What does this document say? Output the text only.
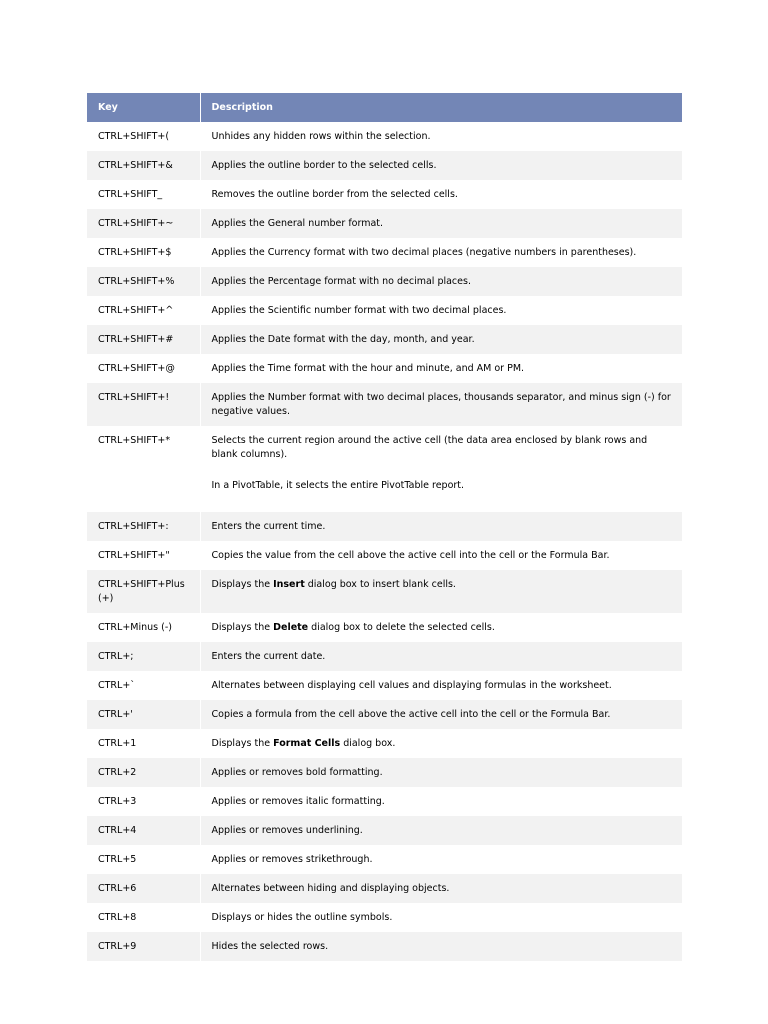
Key	Description
CTRL+SHIFT+(	Unhides any hidden rows within the selection.
CTRL+SHIFT+&	Applies the outline border to the selected cells.
CTRL+SHIFT_	Removes the outline border from the selected cells.
CTRL+SHIFT+~	Applies the General number format.
CTRL+SHIFT+$	Applies the Currency format with two decimal places (negative numbers in parentheses).
CTRL+SHIFT+%	Applies the Percentage format with no decimal places.
CTRL+SHIFT+^	Applies the Scientific number format with two decimal places.
CTRL+SHIFT+#	Applies the Date format with the day, month, and year.
CTRL+SHIFT+@	Applies the Time format with the hour and minute, and AM or PM.
CTRL+SHIFT+!	Applies the Number format with two decimal places, thousands separator, and minus sign (-) for negative values.
CTRL+SHIFT+*	Selects the current region around the active cell (the data area enclosed by blank rows and blank columns).
In a PivotTable, it selects the entire PivotTable report.

CTRL+SHIFT+:	Enters the current time.
CTRL+SHIFT+"	Copies the value from the cell above the active cell into the cell or the Formula Bar.
CTRL+SHIFT+Plus (+)	Displays the Insert dialog box to insert blank cells.
CTRL+Minus (-)	Displays the Delete dialog box to delete the selected cells.
CTRL+;	Enters the current date.
CTRL+`	Alternates between displaying cell values and displaying formulas in the worksheet.
CTRL+'	Copies a formula from the cell above the active cell into the cell or the Formula Bar.
CTRL+1	Displays the Format Cells dialog box.
CTRL+2	Applies or removes bold formatting.
CTRL+3	Applies or removes italic formatting.
CTRL+4	Applies or removes underlining.
CTRL+5	Applies or removes strikethrough.
CTRL+6	Alternates between hiding and displaying objects.
CTRL+8	Displays or hides the outline symbols.
CTRL+9	Hides the selected rows.
